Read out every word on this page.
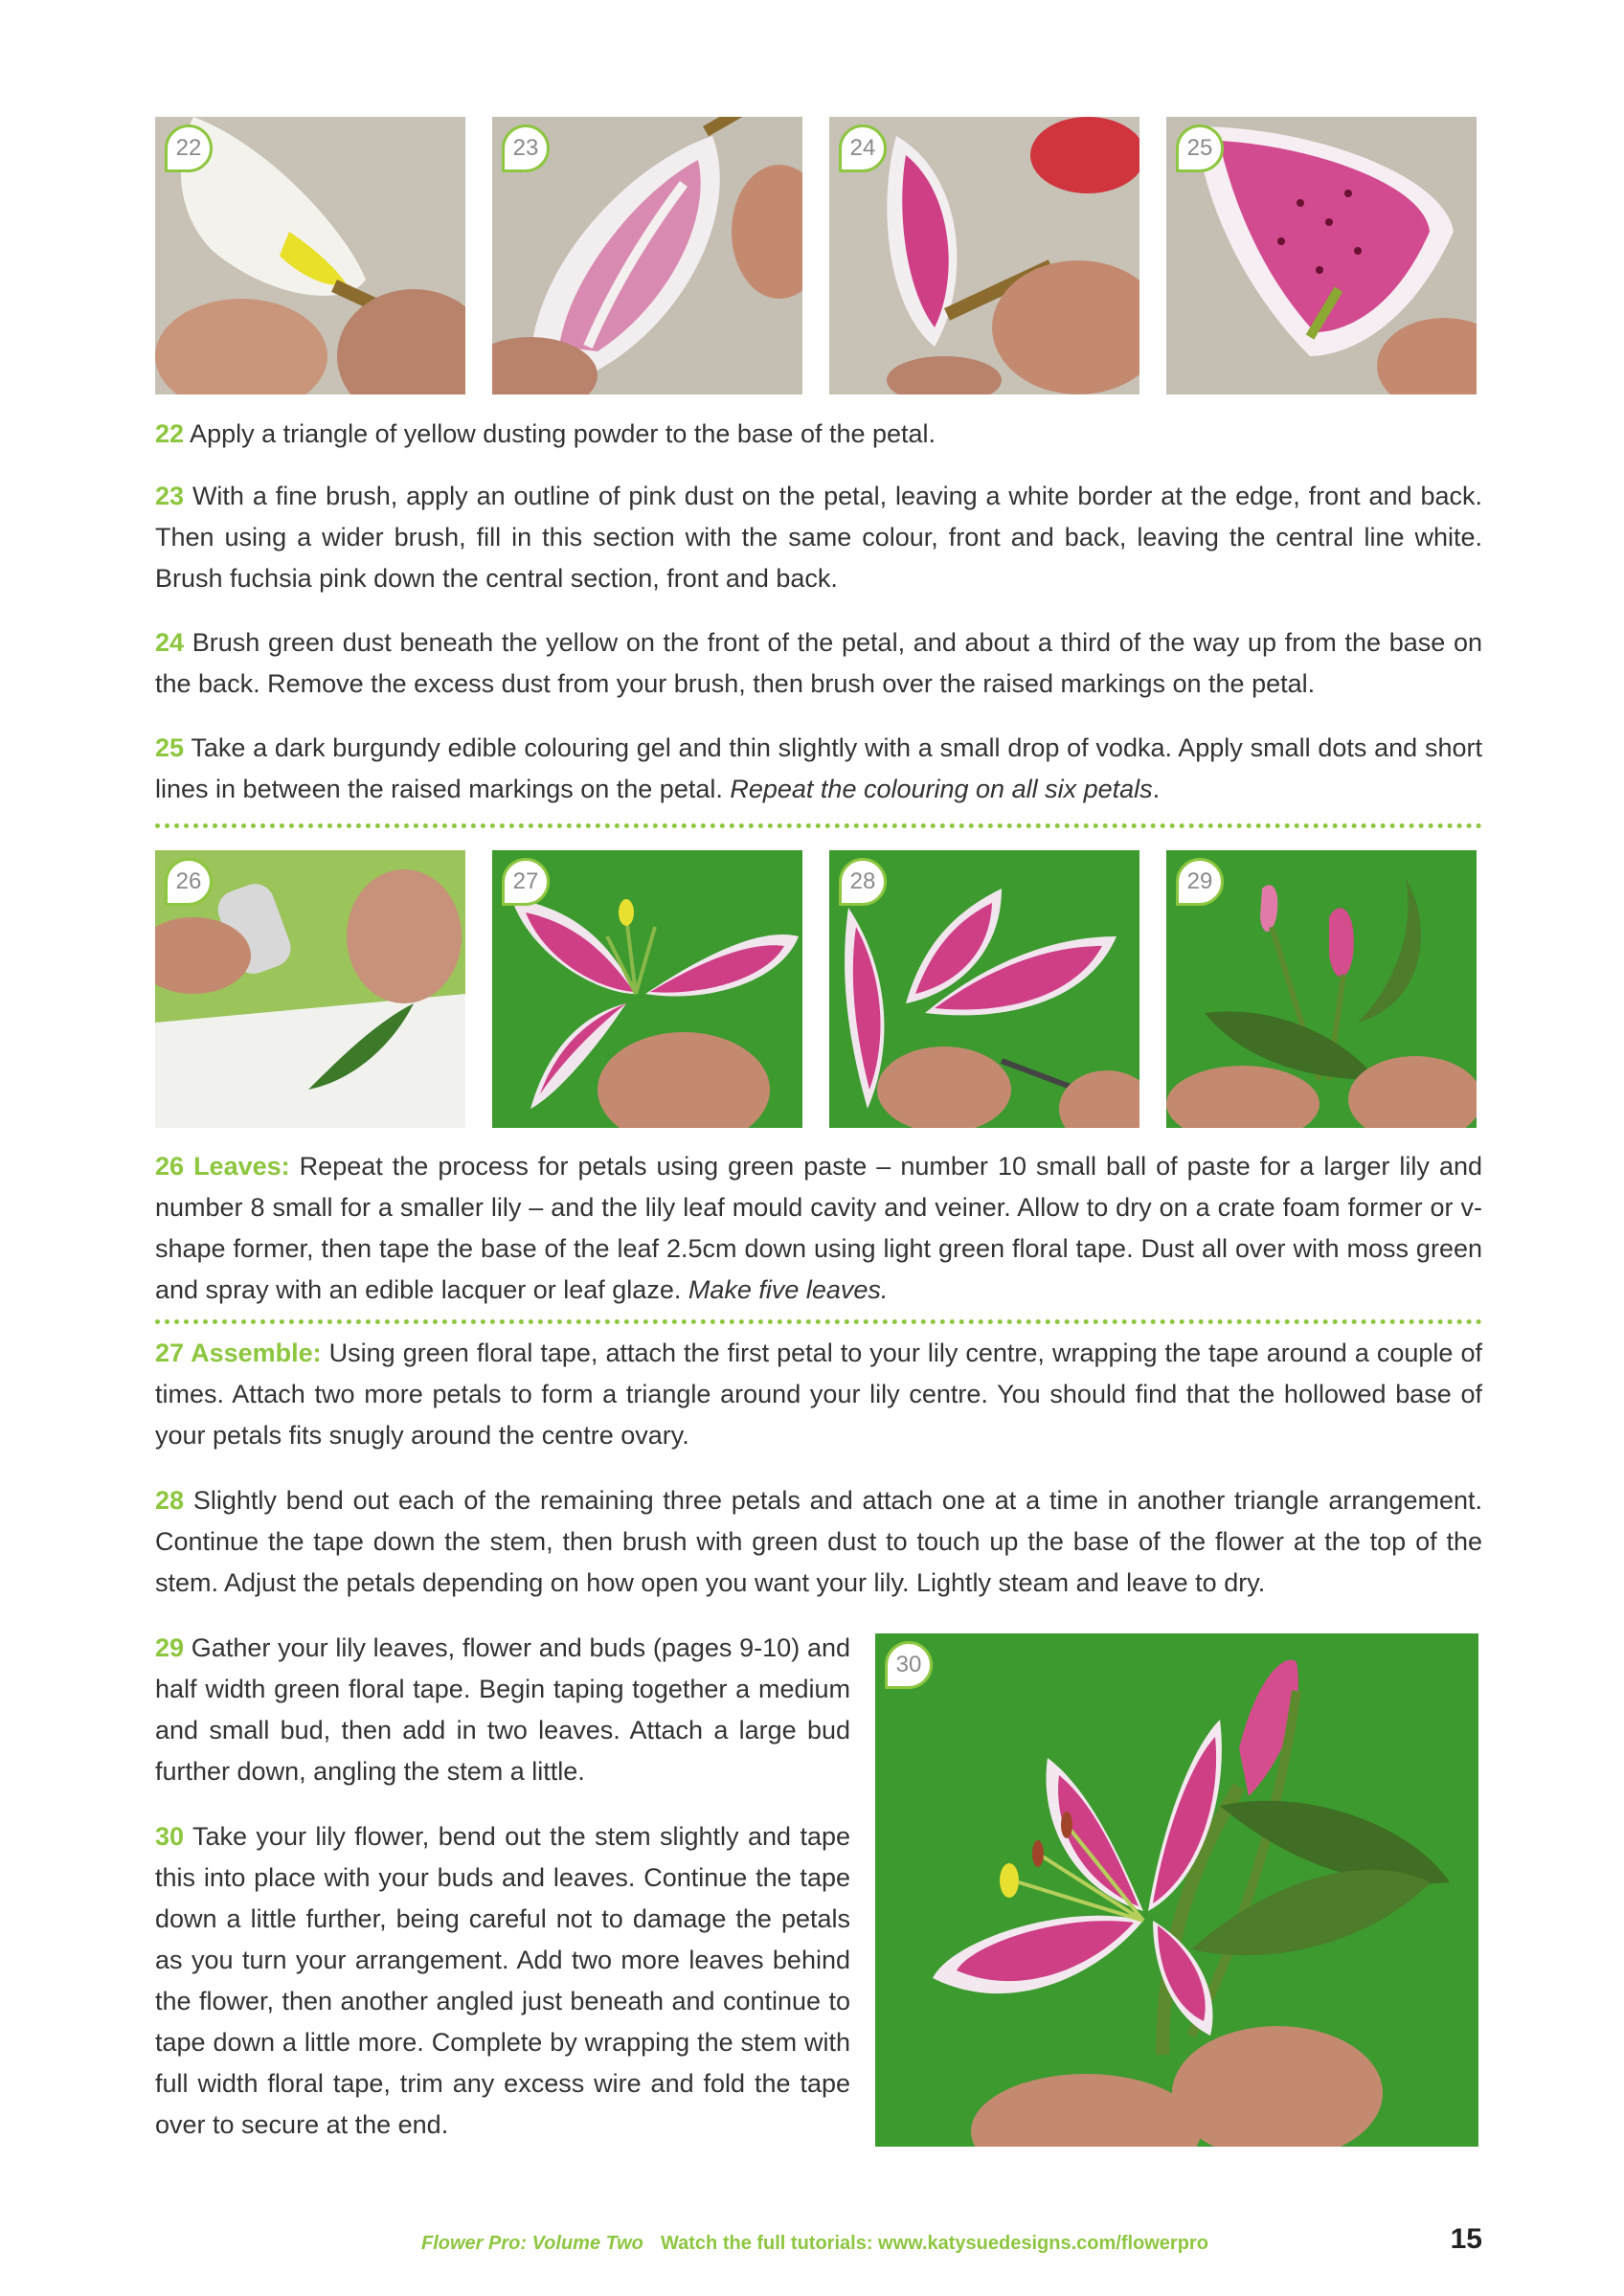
22	23	24	25
22 Apply a triangle of yellow dusting powder to the base of the petal.
23 With a fine brush, apply an outline of pink dust on the petal, leaving a white border at the edge, front and back. Then using a wider brush, fill in this section with the same colour, front and back, leaving the central line white. Brush fuchsia pink down the central section, front and back.
24 Brush green dust beneath the yellow on the front of the petal, and about a third of the way up from the base on the back. Remove the excess dust from your brush, then brush over the raised markings on the petal.
25 Take a dark burgundy edible colouring gel and thin slightly with a small drop of vodka. Apply small dots and short lines in between the raised markings on the petal. Repeat the colouring on all six petals.
26	27	28	29
26 Leaves: Repeat the process for petals using green paste – number 10 small ball of paste for a larger lily and number 8 small for a smaller lily – and the lily leaf mould cavity and veiner. Allow to dry on a crate foam former or v-shape former, then tape the base of the leaf 2.5cm down using light green floral tape. Dust all over with moss green and spray with an edible lacquer or leaf glaze. Make five leaves.
27 Assemble: Using green floral tape, attach the first petal to your lily centre, wrapping the tape around a couple of times. Attach two more petals to form a triangle around your lily centre. You should find that the hollowed base of your petals fits snugly around the centre ovary.
28 Slightly bend out each of the remaining three petals and attach one at a time in another triangle arrangement. Continue the tape down the stem, then brush with green dust to touch up the base of the flower at the top of the stem. Adjust the petals depending on how open you want your lily. Lightly steam and leave to dry.
29 Gather your lily leaves, flower and buds (pages 9-10) and half width green floral tape. Begin taping together a medium and small bud, then add in two leaves. Attach a large bud further down, angling the stem a little.
30 Take your lily flower, bend out the stem slightly and tape this into place with your buds and leaves. Continue the tape down a little further, being careful not to damage the petals as you turn your arrangement. Add two more leaves behind the flower, then another angled just beneath and continue to tape down a little more. Complete by wrapping the stem with full width floral tape, trim any excess wire and fold the tape over to secure at the end.
30
Flower Pro: Volume Two Watch the full tutorials: www.katysuedesigns.com/flowerpro	15
